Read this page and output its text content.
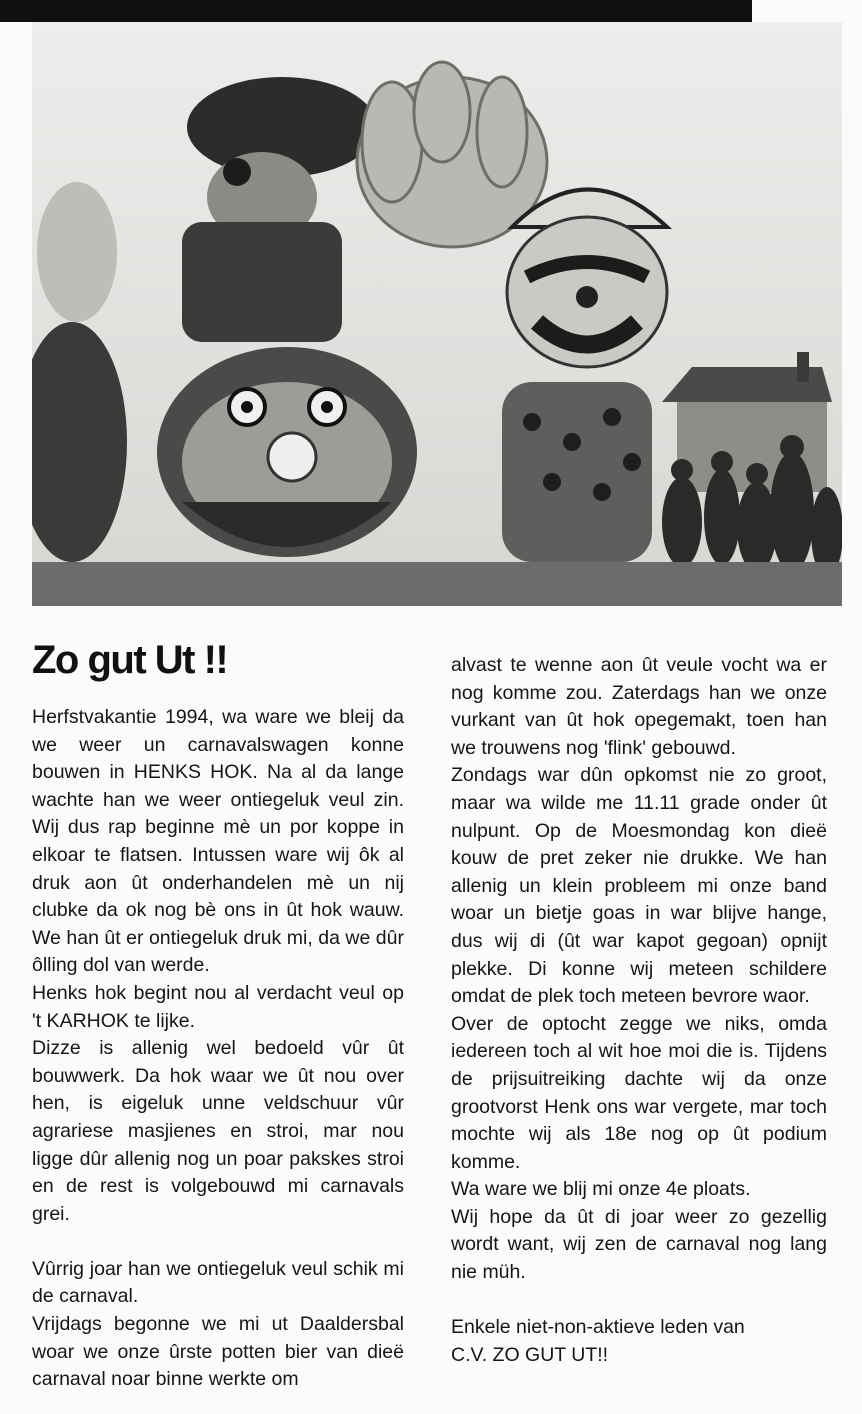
Zo gut Ut !!

Herfstvakantie 1994, wa ware we bleij da we weer un carnavalswagen konne bouwen in HENKS HOK. Na al da lange wachte han we weer ontiegeluk veul zin. Wij dus rap beginne mè un por koppe in elkoar te flatsen. Intussen ware wij ôk al druk aon ût onderhandelen mè un nij clubke da ok nog bè ons in ût hok wauw. We han ût er ontiegeluk druk mi, da we dûr ôlling dol van werde.

Henks hok begint nou al verdacht veul op 't KARHOK te lijke.

Dizze is allenig wel bedoeld vûr ût bouwwerk. Da hok waar we ût nou over hen, is eigeluk unne veldschuur vûr agrariese masjienes en stroi, mar nou ligge dûr allenig nog un poar pakskes stroi en de rest is volgebouwd mi carnavals grei.

Vûrrig joar han we ontiegeluk veul schik mi de carnaval.

Vrijdags begonne we mi ut Daaldersbal woar we onze ûrste potten bier van dieë carnaval noar binne werkte om

alvast te wenne aon ût veule vocht wa er nog komme zou. Zaterdags han we onze vurkant van ût hok opegemakt, toen han we trouwens nog 'flink' gebouwd.

Zondags war dûn opkomst nie zo groot, maar wa wilde me 11.11 grade onder ût nulpunt. Op de Moesmondag kon dieë kouw de pret zeker nie drukke. We han allenig un klein probleem mi onze band woar un bietje goas in war blijve hange, dus wij di (ût war kapot gegoan) opnijt plekke. Di konne wij meteen schildere omdat de plek toch meteen bevrore waor.

Over de optocht zegge we niks, omda iedereen toch al wit hoe moi die is. Tijdens de prijsuitreiking dachte wij da onze grootvorst Henk ons war vergete, mar toch mochte wij als 18e nog op ût podium komme.

Wa ware we blij mi onze 4e ploats.

Wij hope da ût di joar weer zo gezellig wordt want, wij zen de carnaval nog lang nie müh.

Enkele niet-non-aktieve leden van

C.V. ZO GUT UT!!
